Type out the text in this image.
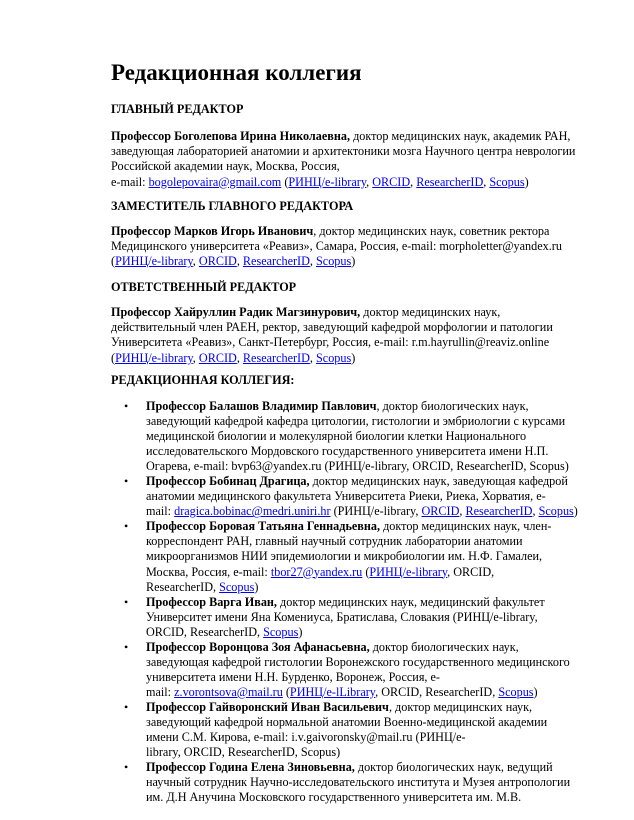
Редакционная коллегия
ГЛАВНЫЙ РЕДАКТОР
Профессор Боголепова Ирина Николаевна, доктор медицинских наук, академик РАН,
заведующая лабораторией анатомии и архитектоники мозга Научного центра неврологии
Российской академии наук, Москва, Россия,
e-mail: bogolepovaira@gmail.com (РИНЦ/e-library, ORCID, ResearcherID, Scopus)
ЗАМЕСТИТЕЛЬ ГЛАВНОГО РЕДАКТОРА
Профессор Марков Игорь Иванович, доктор медицинских наук, советник ректора
Медицинского университета «Реавиз», Самара, Россия, e-mail: morpholetter@yandex.ru
(РИНЦ/e-library, ORCID, ResearcherID, Scopus)
ОТВЕТСТВЕННЫЙ РЕДАКТОР
Профессор Хайруллин Радик Магзинурович, доктор медицинских наук,
действительный член РАЕН, ректор, заведующий кафедрой морфологии и патологии
Университета «Реавиз», Санкт-Петербург, Россия, e-mail: r.m.hayrullin@reaviz.online
(РИНЦ/e-library, ORCID, ResearcherID, Scopus)
РЕДАКЦИОННАЯ КОЛЛЕГИЯ:
• Профессор Балашов Владимир Павлович, доктор биологических наук,
заведующий кафедрой кафедра цитологии, гистологии и эмбриологии с курсами
медицинской биологии и молекулярной биологии клетки Национального
исследовательского Мордовского государственного университета имени Н.П.
Огарева, e-mail: bvp63@yandex.ru (РИНЦ/e-library, ORCID, ResearcherID, Scopus)
• Профессор Бобинац Драгица, доктор медицинских наук, заведующая кафедрой
анатомии медицинского факультета Университета Риеки, Риека, Хорватия, e-
mail: dragica.bobinac@medri.uniri.hr (РИНЦ/e-library, ORCID, ResearcherID, Scopus)
• Профессор Боровая Татьяна Геннадьевна, доктор медицинских наук, член-
корреспондент РАН, главный научный сотрудник лаборатории анатомии
микроорганизмов НИИ эпидемиологии и микробиологии им. Н.Ф. Гамалеи,
Москва, Россия, e-mail: tbor27@yandex.ru (РИНЦ/e-library, ORCID,
ResearcherID, Scopus)
• Профессор Варга Иван, доктор медицинских наук, медицинский факультет
Университет имени Яна Комениуса, Братислава, Словакия (РИНЦ/e-library,
ORCID, ResearcherID, Scopus)
• Профессор Воронцова Зоя Афанасьевна, доктор биологических наук,
заведующая кафедрой гистологии Воронежского государственного медицинского
университета имени Н.Н. Бурденко, Воронеж, Россия, e-
mail: z.vorontsova@mail.ru (РИНЦ/e-lLibrary, ORCID, ResearcherID, Scopus)
• Профессор Гайворонский Иван Васильевич, доктор медицинских наук,
заведующий кафедрой нормальной анатомии Военно-медицинской академии
имени С.М. Кирова, e-mail: i.v.gaivoronsky@mail.ru (РИНЦ/e-
library, ORCID, ResearcherID, Scopus)
• Профессор Година Елена Зиновьевна, доктор биологических наук, ведущий
научный сотрудник Научно-исследовательского института и Музея антропологии
им. Д.Н Анучина Московского государственного университета им. М.В.
